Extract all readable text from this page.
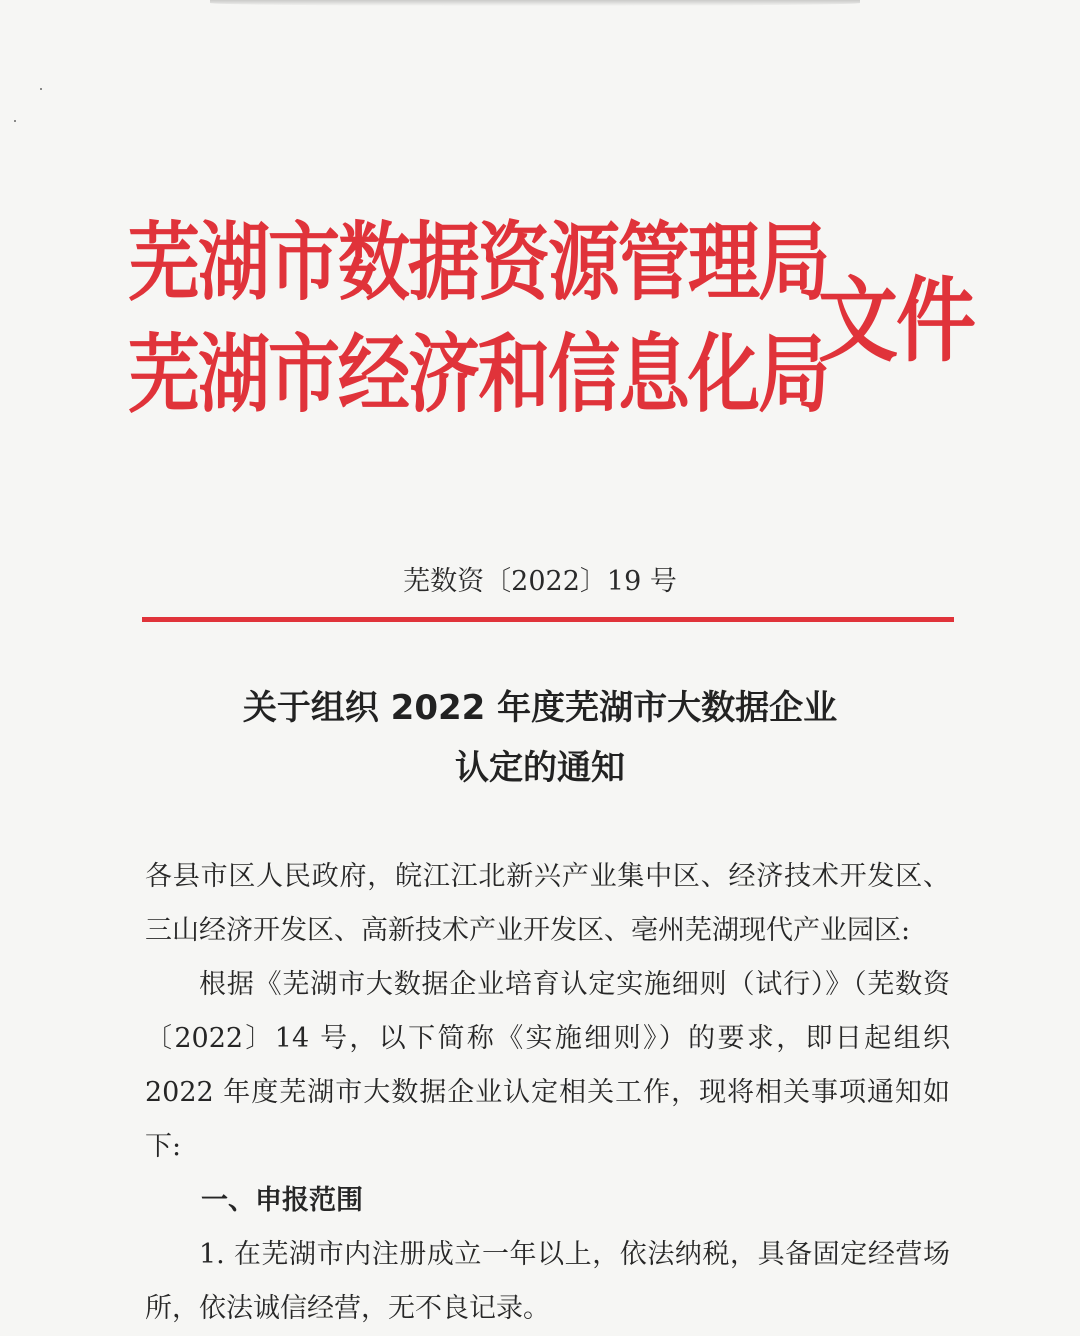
芜湖市数据资源管理局
芜湖市经济和信息化局
文件
芜数资〔2022〕19 号
关于组织 2022 年度芜湖市大数据企业
认定的通知

各县市区人民政府，皖江江北新兴产业集中区、经济技术开发区、三山经济开发区、高新技术产业开发区、亳州芜湖现代产业园区:

根据《芜湖市大数据企业培育认定实施细则（试行）》（芜数资〔2022〕14 号，以下简称《实施细则》）的要求，即日起组织 2022 年度芜湖市大数据企业认定相关工作，现将相关事项通知如下:

一、申报范围

1. 在芜湖市内注册成立一年以上，依法纳税，具备固定经营场所，依法诚信经营，无不良记录。
